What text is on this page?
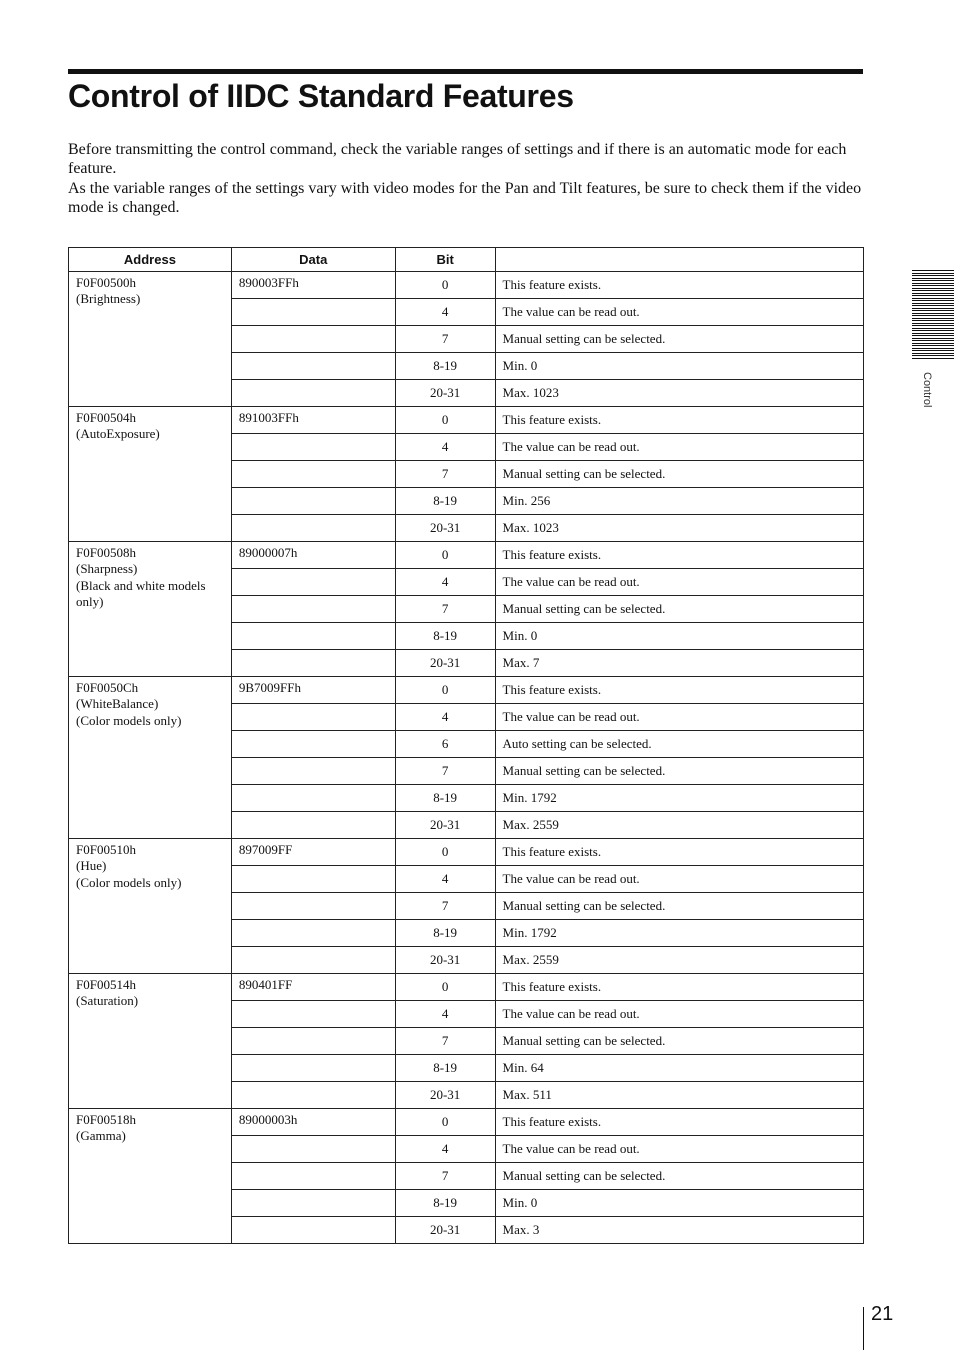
Control of IIDC Standard Features

Before transmitting the control command, check the variable ranges of settings and if there is an automatic mode for each feature.

As the variable ranges of the settings vary with video modes for the Pan and Tilt features, be sure to check them if the video mode is changed.

Address	Data	Bit	

F0F00500h
(Brightness)	890003FFh	0	This feature exists.
		4	The value can be read out.
		7	Manual setting can be selected.
		8-19	Min. 0
		20-31	Max. 1023

F0F00504h
(AutoExposure)	891003FFh	0	This feature exists.
		4	The value can be read out.
		7	Manual setting can be selected.
		8-19	Min. 256
		20-31	Max. 1023

F0F00508h
(Sharpness)
(Black and white models only)	89000007h	0	This feature exists.
		4	The value can be read out.
		7	Manual setting can be selected.
		8-19	Min. 0
		20-31	Max. 7

F0F0050Ch
(WhiteBalance)
(Color models only)	9B7009FFh	0	This feature exists.
		4	The value can be read out.
		6	Auto setting can be selected.
		7	Manual setting can be selected.
		8-19	Min. 1792
		20-31	Max. 2559

F0F00510h
(Hue)
(Color models only)	897009FF	0	This feature exists.
		4	The value can be read out.
		7	Manual setting can be selected.
		8-19	Min. 1792
		20-31	Max. 2559

F0F00514h
(Saturation)	890401FF	0	This feature exists.
		4	The value can be read out.
		7	Manual setting can be selected.
		8-19	Min. 64
		20-31	Max. 511

F0F00518h
(Gamma)	89000003h	0	This feature exists.
		4	The value can be read out.
		7	Manual setting can be selected.
		8-19	Min. 0
		20-31	Max. 3
Control
21
